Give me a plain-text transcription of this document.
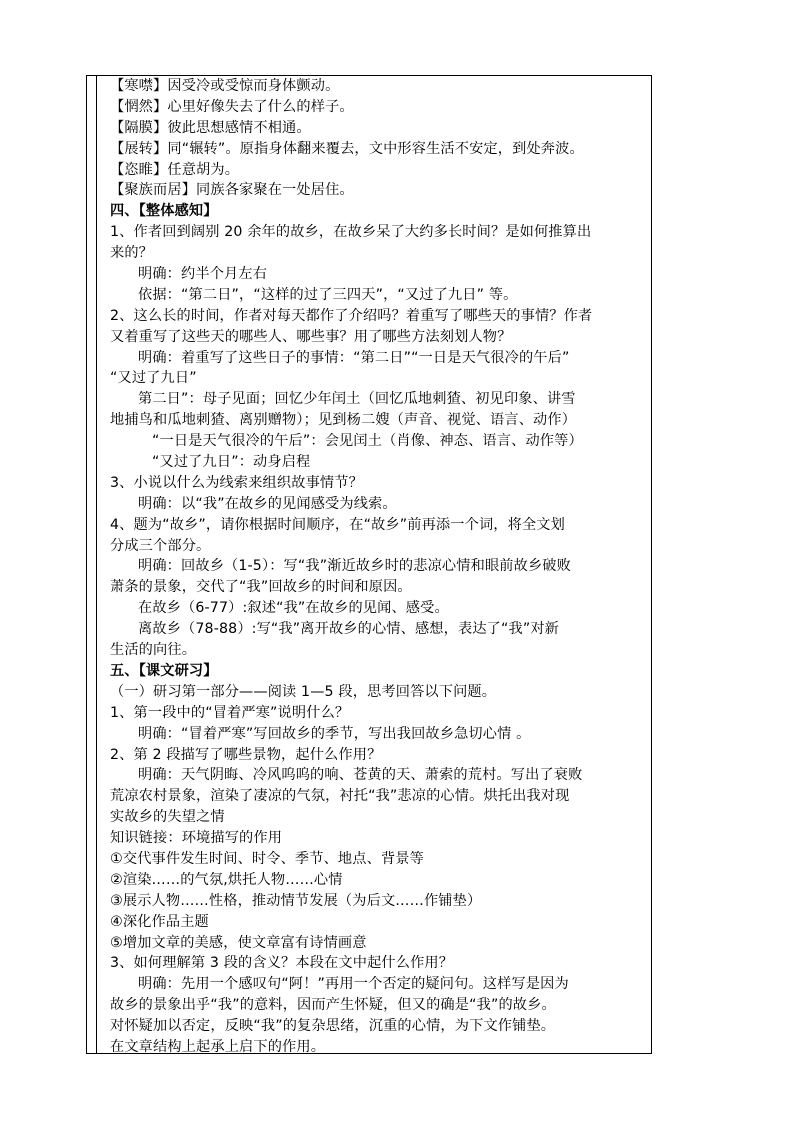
【寒噤】因受冷或受惊而身体颤动。
【惘然】心里好像失去了什么的样子。
【隔膜】彼此思想感情不相通。
【展转】同“辗转”。原指身体翻来覆去，文中形容生活不安定，到处奔波。
【恣睢】任意胡为。
【聚族而居】同族各家聚在一处居住。
四、【整体感知】
1、作者回到阔别 20 余年的故乡，在故乡呆了大约多长时间？是如何推算出
来的？
明确：约半个月左右
依据：“第二日”，“这样的过了三四天”，“又过了九日” 等。
2、这么长的时间，作者对每天都作了介绍吗？着重写了哪些天的事情？作者
又着重写了这些天的哪些人、哪些事？用了哪些方法刻划人物？
明确：着重写了这些日子的事情：“第二日”“一日是天气很冷的午后”
“又过了九日”
第二日”：母子见面；回忆少年闰土（回忆瓜地刺猹、初见印象、讲雪
地捕鸟和瓜地刺猹、离别赠物）；见到杨二嫂（声音、视觉、语言、动作）
“一日是天气很冷的午后”：会见闰土（肖像、神态、语言、动作等）
“又过了九日”：动身启程
3、小说以什么为线索来组织故事情节？
明确：以“我”在故乡的见闻感受为线索。
4、题为“故乡”，请你根据时间顺序，在“故乡”前再添一个词，将全文划
分成三个部分。
明确：回故乡（1-5）：写“我”渐近故乡时的悲凉心情和眼前故乡破败
萧条的景象，交代了“我”回故乡的时间和原因。
在故乡（6-77）:叙述“我”在故乡的见闻、感受。
离故乡（78-88）:写“我”离开故乡的心情、感想，表达了“我”对新
生活的向往。
五、【课文研习】
（一）研习第一部分——阅读 1—5 段，思考回答以下问题。
1、第一段中的“冒着严寒”说明什么？
明确：“冒着严寒”写回故乡的季节，写出我回故乡急切心情 。
2、第 2 段描写了哪些景物，起什么作用？
明确：天气阴晦、冷风呜呜的响、苍黄的天、萧索的荒村。写出了衰败
荒凉农村景象，渲染了凄凉的气氛，衬托“我”悲凉的心情。烘托出我对现
实故乡的失望之情
知识链接：环境描写的作用
①交代事件发生时间、时令、季节、地点、背景等
②渲染……的气氛,烘托人物……心情
③展示人物……性格，推动情节发展（为后文……作铺垫）
④深化作品主题
⑤增加文章的美感，使文章富有诗情画意
3、如何理解第 3 段的含义？本段在文中起什么作用？
明确：先用一个感叹句“阿！”再用一个否定的疑问句。这样写是因为
故乡的景象出乎“我”的意料，因而产生怀疑，但又的确是“我”的故乡。
对怀疑加以否定，反映“我”的复杂思绪，沉重的心情，为下文作铺垫。
在文章结构上起承上启下的作用。
